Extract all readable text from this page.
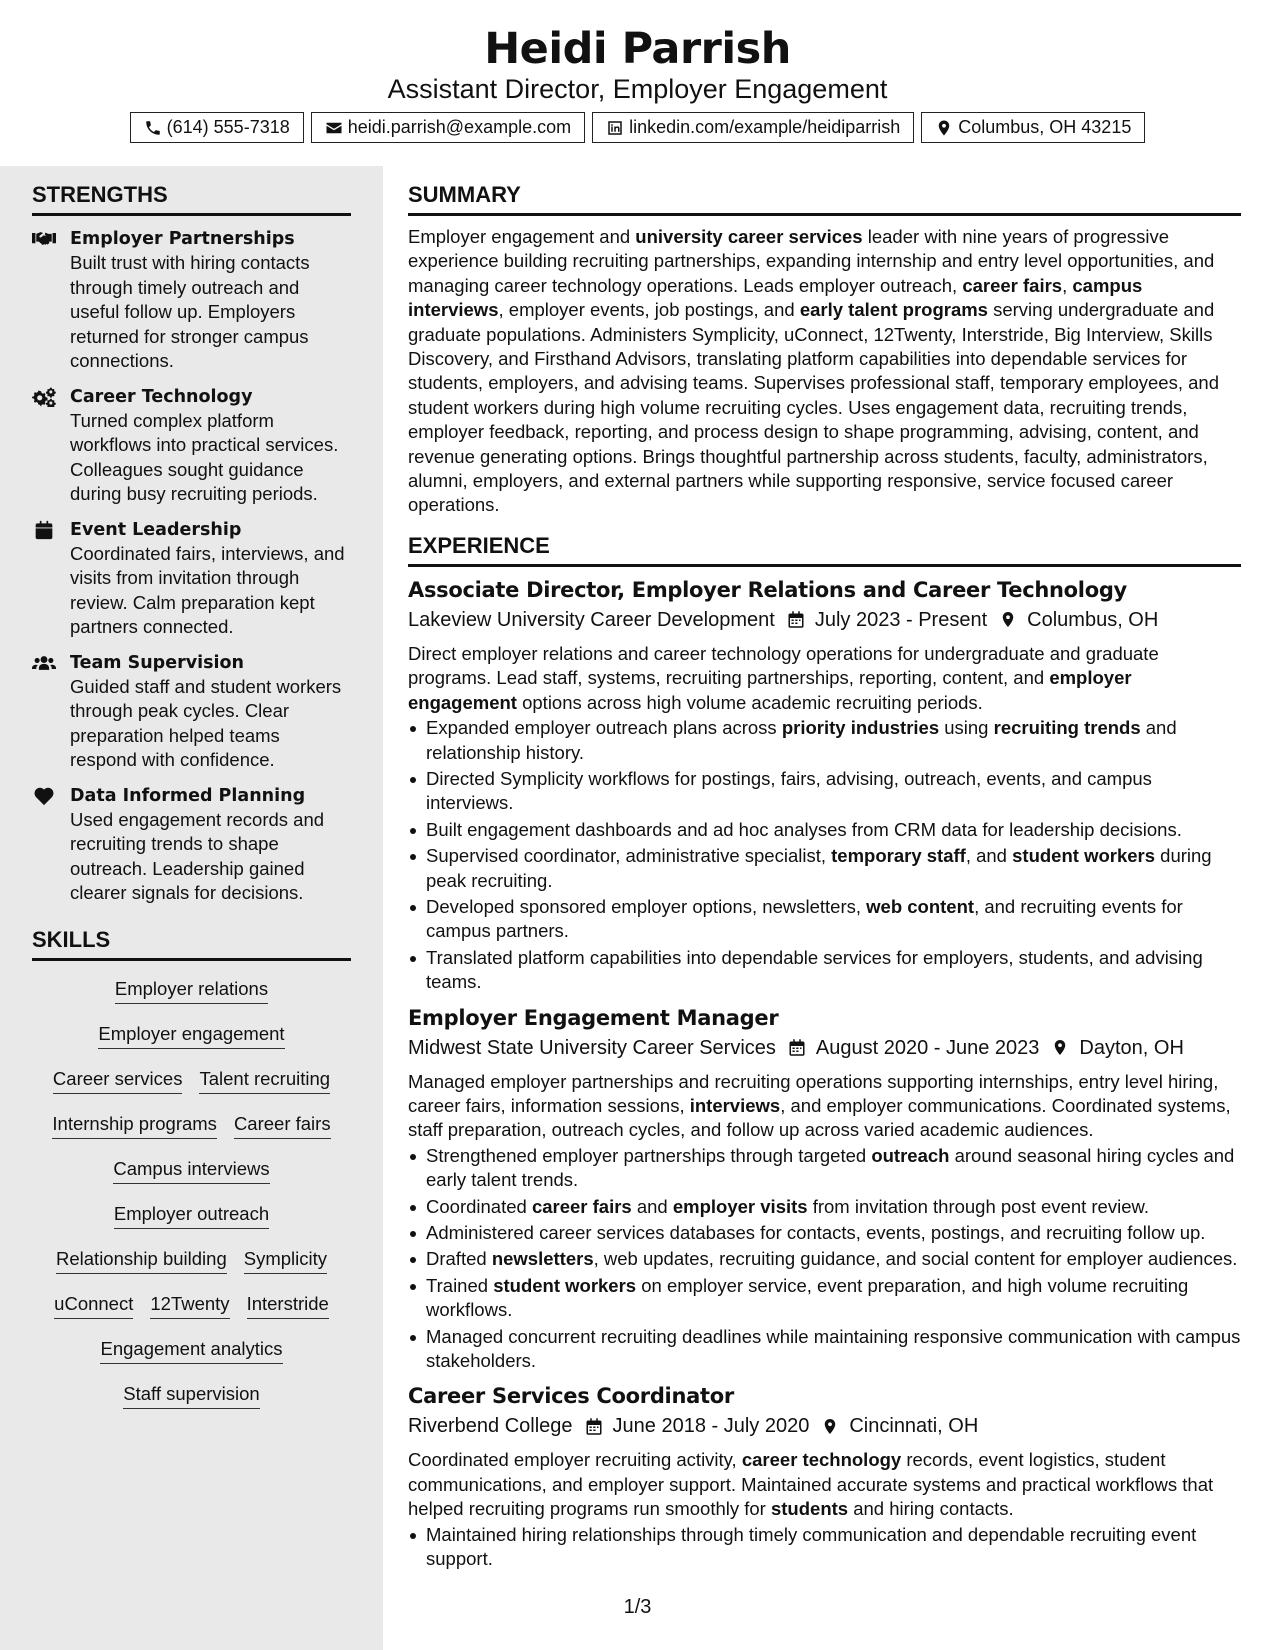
Heidi Parrish
Assistant Director, Employer Engagement
(614) 555-7318	heidi.parrish@example.com	linkedin.com/example/heidiparrish	Columbus, OH 43215
STRENGTHS
Employer Partnerships
Built trust with hiring contacts through timely outreach and useful follow up. Employers returned for stronger campus connections.
Career Technology
Turned complex platform workflows into practical services. Colleagues sought guidance during busy recruiting periods.
Event Leadership
Coordinated fairs, interviews, and visits from invitation through review. Calm preparation kept partners connected.
Team Supervision
Guided staff and student workers through peak cycles. Clear preparation helped teams respond with confidence.
Data Informed Planning
Used engagement records and recruiting trends to shape outreach. Leadership gained clearer signals for decisions.
SKILLS
Employer relations
Employer engagement
Career services Talent recruiting
Internship programs Career fairs
Campus interviews
Employer outreach
Relationship building Symplicity
uConnect 12Twenty Interstride
Engagement analytics
Staff supervision
SUMMARY
Employer engagement and university career services leader with nine years of progressive experience building recruiting partnerships, expanding internship and entry level opportunities, and managing career technology operations. Leads employer outreach, career fairs, campus interviews, employer events, job postings, and early talent programs serving undergraduate and graduate populations. Administers Symplicity, uConnect, 12Twenty, Interstride, Big Interview, Skills Discovery, and Firsthand Advisors, translating platform capabilities into dependable services for students, employers, and advising teams. Supervises professional staff, temporary employees, and student workers during high volume recruiting cycles. Uses engagement data, recruiting trends, employer feedback, reporting, and process design to shape programming, advising, content, and revenue generating options. Brings thoughtful partnership across students, faculty, administrators, alumni, employers, and external partners while supporting responsive, service focused career operations.
EXPERIENCE
Associate Director, Employer Relations and Career Technology
Lakeview University Career Development July 2023 - Present Columbus, OH
Direct employer relations and career technology operations for undergraduate and graduate programs. Lead staff, systems, recruiting partnerships, reporting, content, and employer engagement options across high volume academic recruiting periods.
Expanded employer outreach plans across priority industries using recruiting trends and relationship history.
Directed Symplicity workflows for postings, fairs, advising, outreach, events, and campus interviews.
Built engagement dashboards and ad hoc analyses from CRM data for leadership decisions.
Supervised coordinator, administrative specialist, temporary staff, and student workers during peak recruiting.
Developed sponsored employer options, newsletters, web content, and recruiting events for campus partners.
Translated platform capabilities into dependable services for employers, students, and advising teams.
Employer Engagement Manager
Midwest State University Career Services August 2020 - June 2023 Dayton, OH
Managed employer partnerships and recruiting operations supporting internships, entry level hiring, career fairs, information sessions, interviews, and employer communications. Coordinated systems, staff preparation, outreach cycles, and follow up across varied academic audiences.
Strengthened employer partnerships through targeted outreach around seasonal hiring cycles and early talent trends.
Coordinated career fairs and employer visits from invitation through post event review.
Administered career services databases for contacts, events, postings, and recruiting follow up.
Drafted newsletters, web updates, recruiting guidance, and social content for employer audiences.
Trained student workers on employer service, event preparation, and high volume recruiting workflows.
Managed concurrent recruiting deadlines while maintaining responsive communication with campus stakeholders.
Career Services Coordinator
Riverbend College June 2018 - July 2020 Cincinnati, OH
Coordinated employer recruiting activity, career technology records, event logistics, student communications, and employer support. Maintained accurate systems and practical workflows that helped recruiting programs run smoothly for students and hiring contacts.
Maintained hiring relationships through timely communication and dependable recruiting event support.
1/3
